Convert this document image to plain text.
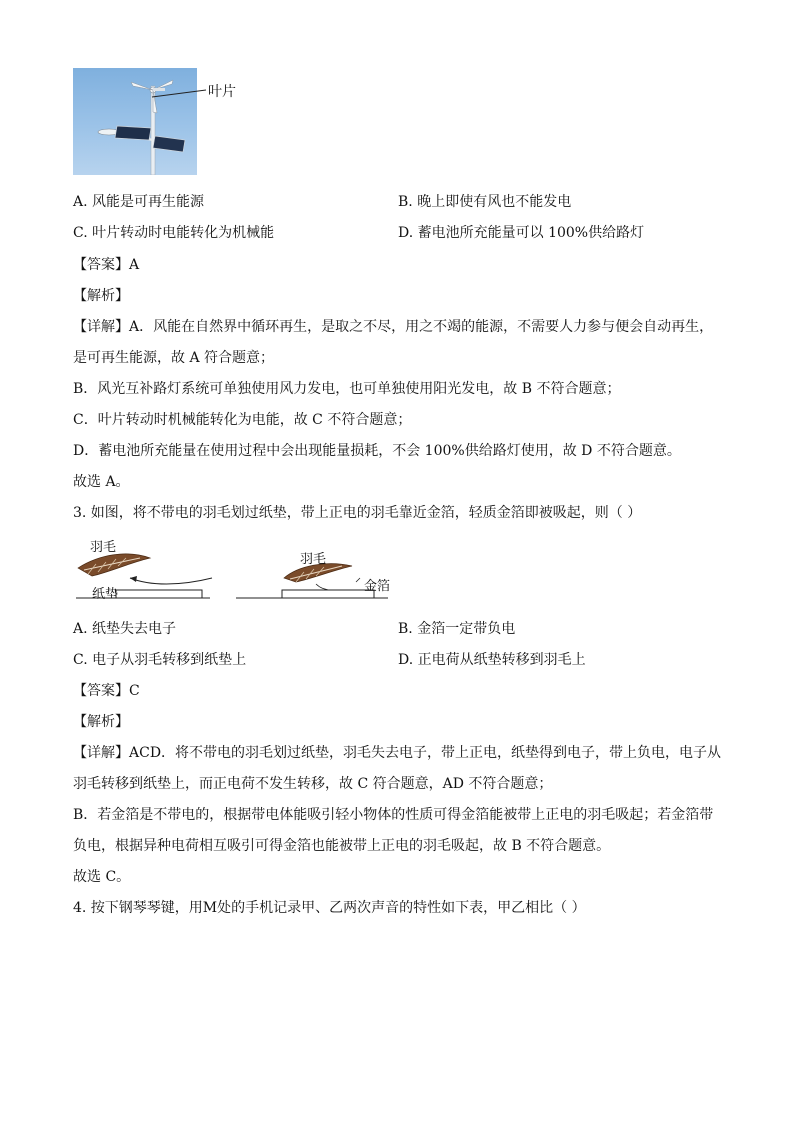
叶片
A. 风能是可再生能源	B. 晚上即使有风也不能发电
C. 叶片转动时电能转化为机械能	D. 蓄电池所充能量可以 100%供给路灯
【答案】A
【解析】
【详解】A．风能在自然界中循环再生，是取之不尽，用之不竭的能源，不需要人力参与便会自动再生，
是可再生能源，故 A 符合题意；
B．风光互补路灯系统可单独使用风力发电，也可单独使用阳光发电，故 B 不符合题意；
C．叶片转动时机械能转化为电能，故 C 不符合题意；
D．蓄电池所充能量在使用过程中会出现能量损耗，不会 100%供给路灯使用，故 D 不符合题意。
故选 A。
3. 如图，将不带电的羽毛划过纸垫，带上正电的羽毛靠近金箔，轻质金箔即被吸起，则（ ）
羽毛
纸垫
羽毛
金箔
A. 纸垫失去电子	B. 金箔一定带负电
C. 电子从羽毛转移到纸垫上	D. 正电荷从纸垫转移到羽毛上
【答案】C
【解析】
【详解】ACD．将不带电的羽毛划过纸垫，羽毛失去电子，带上正电，纸垫得到电子，带上负电，电子从
羽毛转移到纸垫上，而正电荷不发生转移，故 C 符合题意，AD 不符合题意；
B．若金箔是不带电的，根据带电体能吸引轻小物体的性质可得金箔能被带上正电的羽毛吸起；若金箔带
负电，根据异种电荷相互吸引可得金箔也能被带上正电的羽毛吸起，故 B 不符合题意。
故选 C。
4. 按下钢琴琴键，用M处的手机记录甲、乙两次声音的特性如下表，甲乙相比（ ）
